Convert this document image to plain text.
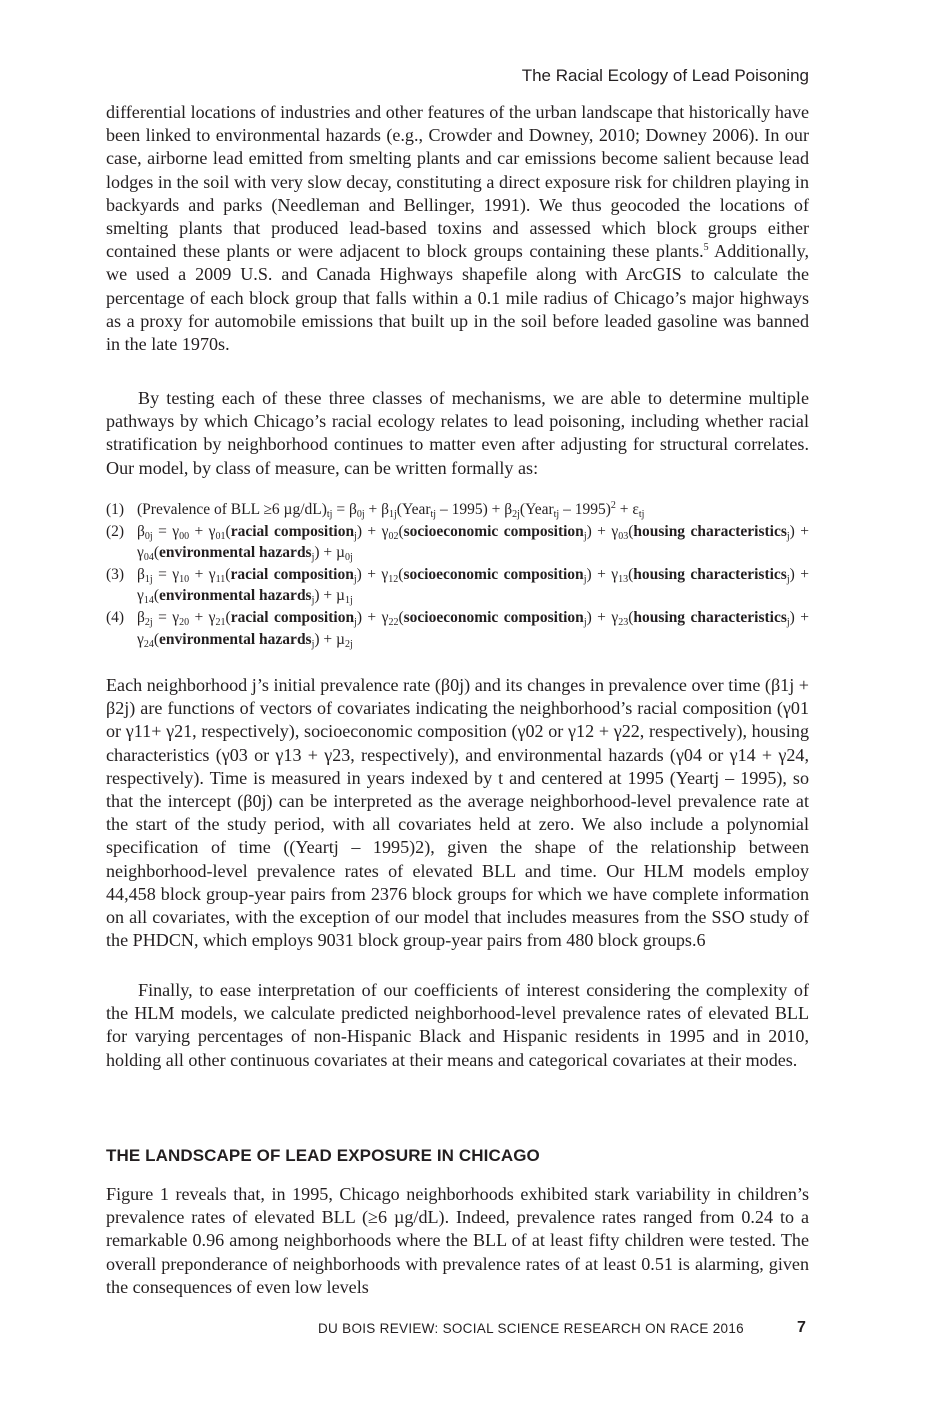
The Racial Ecology of Lead Poisoning

differential locations of industries and other features of the urban landscape that historically have been linked to environmental hazards (e.g., Crowder and Downey, 2010; Downey 2006). In our case, airborne lead emitted from smelting plants and car emissions become salient because lead lodges in the soil with very slow decay, constituting a direct exposure risk for children playing in backyards and parks (Needleman and Bellinger, 1991). We thus geocoded the locations of smelting plants that produced lead-based toxins and assessed which block groups either contained these plants or were adjacent to block groups containing these plants.$^5$ Additionally, we used a 2009 U.S. and Canada Highways shapefile along with ArcGIS to calculate the percentage of each block group that falls within a 0.1 mile radius of Chicago’s major highways as a proxy for automobile emissions that built up in the soil before leaded gasoline was banned in the late 1970s.

By testing each of these three classes of mechanisms, we are able to determine multiple pathways by which Chicago’s racial ecology relates to lead poisoning, including whether racial stratification by neighborhood continues to matter even after adjusting for structural correlates. Our model, by class of measure, can be written formally as:

(1) (Prevalence of BLL ≥6 $\mu g/dL)_{tj} = \beta_{0j}$ + $\beta_{1j}(Year_{tj} - 1995)$ + $\beta_{2j}(Year_{tj} - 1995)^2 + \varepsilon_{tj}$
(2) $\beta_{0j} = \gamma_{00}$ + $\gamma_{01}(racial$ composition$_j$) + $\gamma_{02}(socioeconomic$ composition$_j$) + $\gamma_{03}(housing$ characteristics$_j$) + $\gamma_{04}(environmental$ hazards$_j$) + µ$_{0j}$
(3) $\beta_{1j} = \gamma_{10}$ + $\gamma_{11}(racial$ composition$_j$) + $\gamma_{12}(socioeconomic$ composition$_j$) + $\gamma_{13}(housing$ characteristics$_j$) + $\gamma_{14}(environmental$ hazards$_j$) + µ$_{1j}$
(4) $\beta_{2j} = \gamma_{20}$ + $\gamma_{21}(racial$ composition$_j$) + $\gamma_{22}(socioeconomic$ composition$_j$) + $\gamma_{23}(housing$ characteristics$_j$) + $\gamma_{24}(environmental$ hazards$_j$) + µ$_{2j}$

Each neighborhood j’s initial prevalence rate (β0j) and its changes in prevalence over time (β1j + β2j) are functions of vectors of covariates indicating the neighborhood’s racial composition (γ01 or γ11+ γ21, respectively), socioeconomic composition (γ02 or γ12 + γ22, respectively), housing characteristics (γ03 or γ13 + γ23, respectively), and environmental hazards (γ04 or γ14 + γ24, respectively). Time is measured in years indexed by t and centered at 1995 (Yeartj – 1995), so that the intercept (β0j) can be interpreted as the average neighborhood-level prevalence rate at the start of the study period, with all covariates held at zero. We also include a polynomial specification of time ((Yeartj – 1995)2), given the shape of the relationship between neighborhood-level prevalence rates of elevated BLL and time. Our HLM models employ 44,458 block group-year pairs from 2376 block groups for which we have complete information on all covariates, with the exception of our model that includes measures from the SSO study of the PHDCN, which employs 9031 block group-year pairs from 480 block groups.6

Finally, to ease interpretation of our coefficients of interest considering the complexity of the HLM models, we calculate predicted neighborhood-level prevalence rates of elevated BLL for varying percentages of non-Hispanic Black and Hispanic residents in 1995 and in 2010, holding all other continuous covariates at their means and categorical covariates at their modes.

THE LANDSCAPE OF LEAD EXPOSURE IN CHICAGO

Figure 1 reveals that, in 1995, Chicago neighborhoods exhibited stark variability in children’s prevalence rates of elevated BLL (≥6 µg/dL). Indeed, prevalence rates ranged from 0.24 to a remarkable 0.96 among neighborhoods where the BLL of at least fifty children were tested. The overall preponderance of neighborhoods with prevalence rates of at least 0.51 is alarming, given the consequences of even low levels

DU BOIS REVIEW: SOCIAL SCIENCE RESEARCH ON RACE 2016	7
